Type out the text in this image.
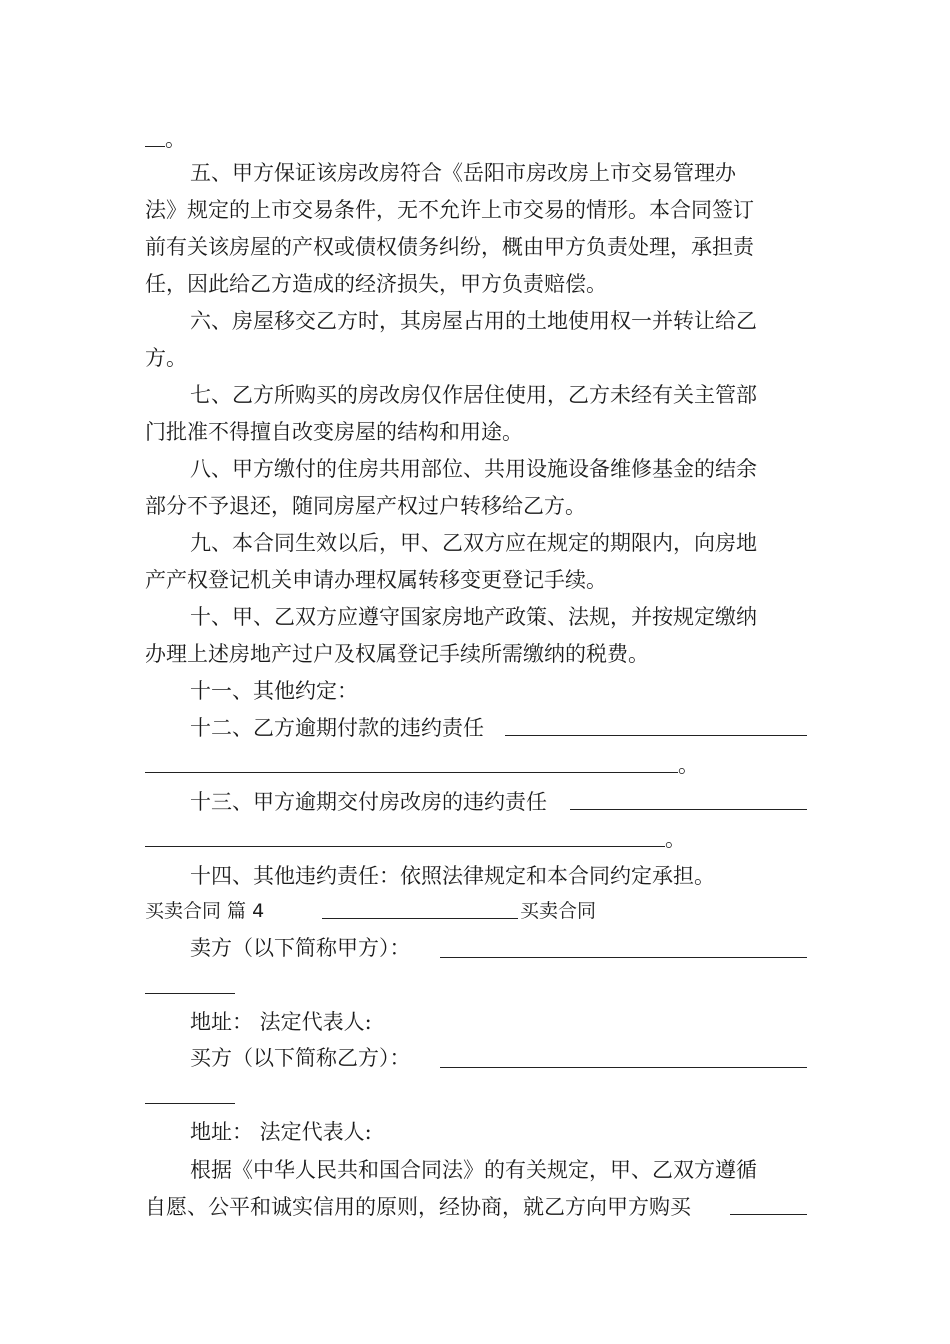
。
五、甲方保证该房改房符合《岳阳市房改房上市交易管理办
法》规定的上市交易条件，无不允许上市交易的情形。本合同签订
前有关该房屋的产权或债权债务纠纷，概由甲方负责处理，承担责
任，因此给乙方造成的经济损失，甲方负责赔偿。
六、房屋移交乙方时，其房屋占用的土地使用权一并转让给乙
方。
七、乙方所购买的房改房仅作居住使用，乙方未经有关主管部
门批准不得擅自改变房屋的结构和用途。
八、甲方缴付的住房共用部位、共用设施设备维修基金的结余
部分不予退还，随同房屋产权过户转移给乙方。
九、本合同生效以后，甲、乙双方应在规定的期限内，向房地
产产权登记机关申请办理权属转移变更登记手续。
十、甲、乙双方应遵守国家房地产政策、法规，并按规定缴纳
办理上述房地产过户及权属登记手续所需缴纳的税费。
十一、其他约定：
十二、乙方逾期付款的违约责任
。
十三、甲方逾期交付房改房的违约责任
。
十四、其他违约责任：依照法律规定和本合同约定承担。
买卖合同 篇 4	买卖合同
卖方（以下简称甲方）：
地址： 法定代表人:
买方（以下简称乙方）：
地址： 法定代表人:
根据《中华人民共和国合同法》的有关规定，甲、乙双方遵循
自愿、公平和诚实信用的原则，经协商，就乙方向甲方购买
